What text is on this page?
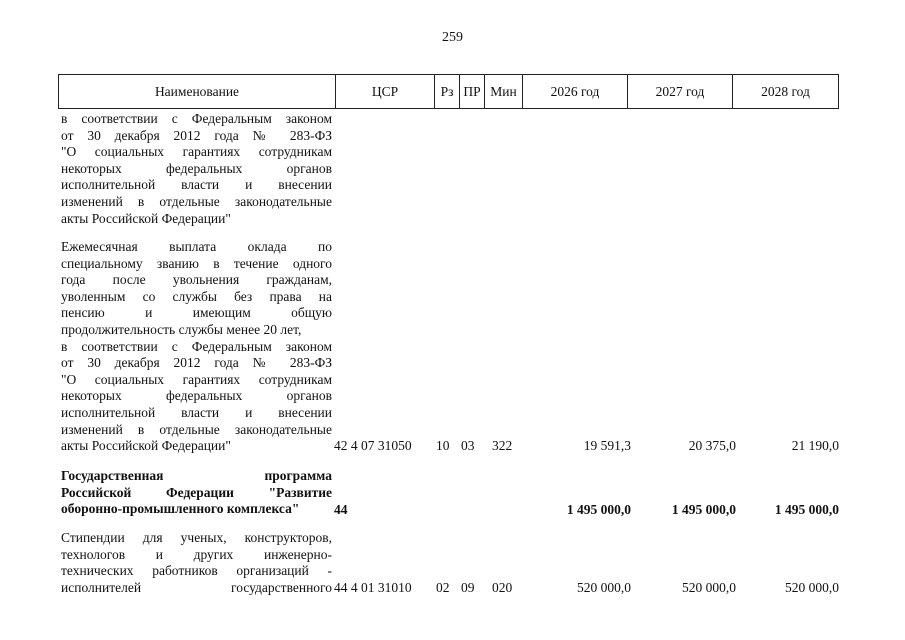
259
Наименование	ЦСР	Рз ПР Мин	2026 год	2027 год	2028 год
в соответствии с Федеральным законом
от 30 декабря 2012 года № 283-ФЗ
"О социальных гарантиях сотрудникам
некоторых федеральных органов
исполнительной власти и внесении
изменений в отдельные законодательные
акты Российской Федерации"
Ежемесячная выплата оклада по
специальному званию в течение одного
года после увольнения гражданам,
уволенным со службы без права на
пенсию и имеющим общую
продолжительность службы менее 20 лет,
в соответствии с Федеральным законом
от 30 декабря 2012 года № 283-ФЗ
"О социальных гарантиях сотрудникам
некоторых федеральных органов
исполнительной власти и внесении
изменений в отдельные законодательные
акты Российской Федерации"	42 4 07 31050 10 03 322	19 591,3	20 375,0	21 190,0
Государственная программа
Российской Федерации "Развитие
оборонно-промышленного комплекса"	44	1 495 000,0	1 495 000,0	1 495 000,0
Стипендии для ученых, конструкторов,
технологов и других инженерно-
технических работников организаций -
исполнителей государственного 44 4 01 31010 02 09 020	520 000,0	520 000,0	520 000,0
